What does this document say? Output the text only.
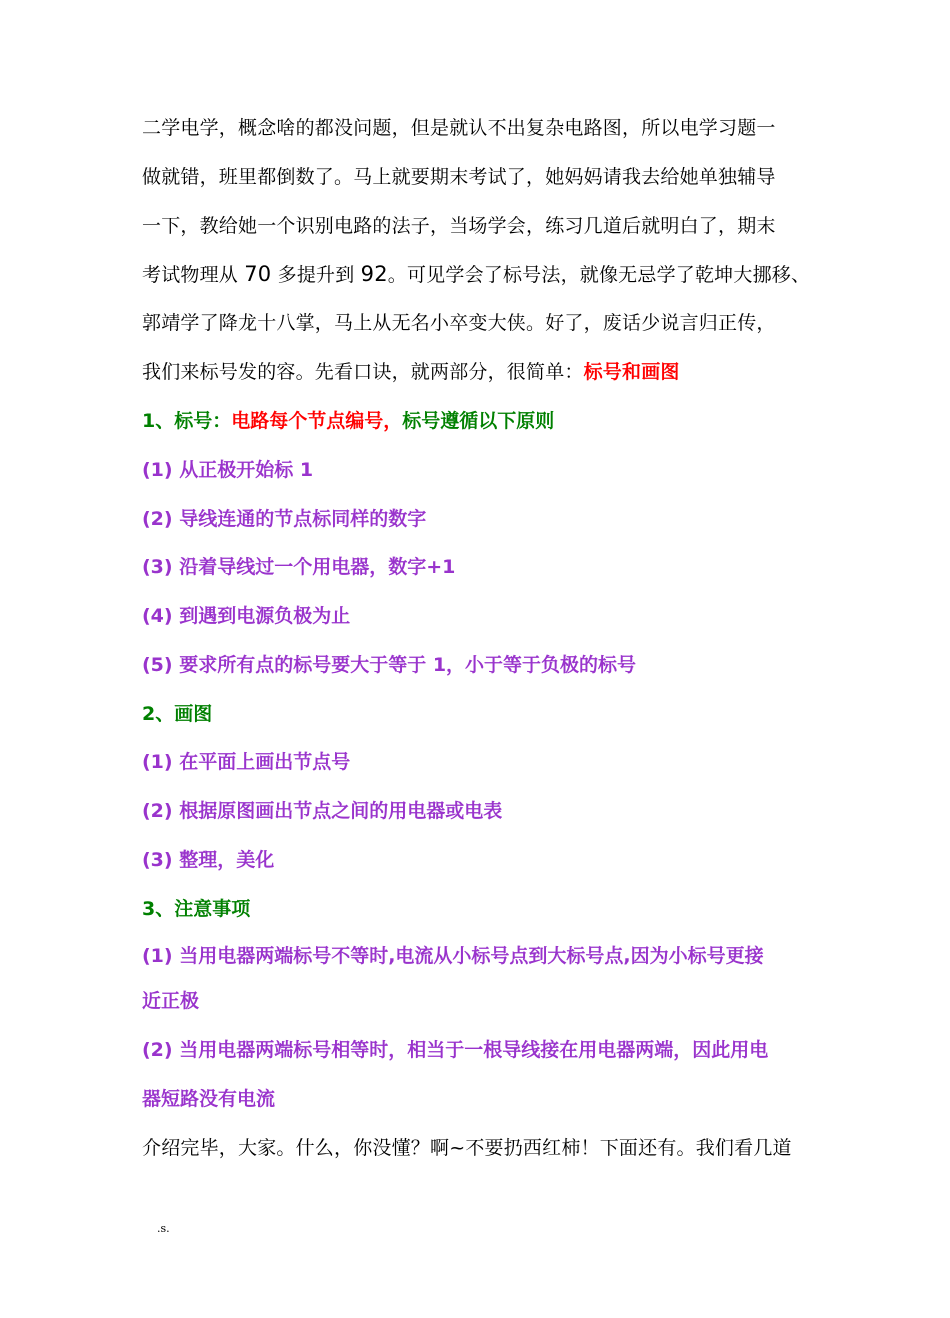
二学电学，概念啥的都没问题，但是就认不出复杂电路图，所以电学习题一
做就错，班里都倒数了。马上就要期末考试了，她妈妈请我去给她单独辅导
一下，教给她一个识别电路的法子，当场学会，练习几道后就明白了，期末
考试物理从 70 多提升到 92。可见学会了标号法，就像无忌学了乾坤大挪移、
郭靖学了降龙十八掌，马上从无名小卒变大侠。好了，废话少说言归正传，
我们来标号发的容。先看口诀，就两部分，很简单：标号和画图
1、标号：电路每个节点编号，标号遵循以下原则
(1) 从正极开始标 1
(2) 导线连通的节点标同样的数字
(3) 沿着导线过一个用电器，数字+1
(4) 到遇到电源负极为止
(5) 要求所有点的标号要大于等于 1，小于等于负极的标号
2、画图
(1) 在平面上画出节点号
(2) 根据原图画出节点之间的用电器或电表
(3) 整理，美化
3、注意事项
(1) 当用电器两端标号不等时,电流从小标号点到大标号点,因为小标号更接
近正极
(2) 当用电器两端标号相等时，相当于一根导线接在用电器两端，因此用电
器短路没有电流
介绍完毕，大家。什么，你没懂？啊~不要扔西红柿！下面还有。我们看几道
.s.
